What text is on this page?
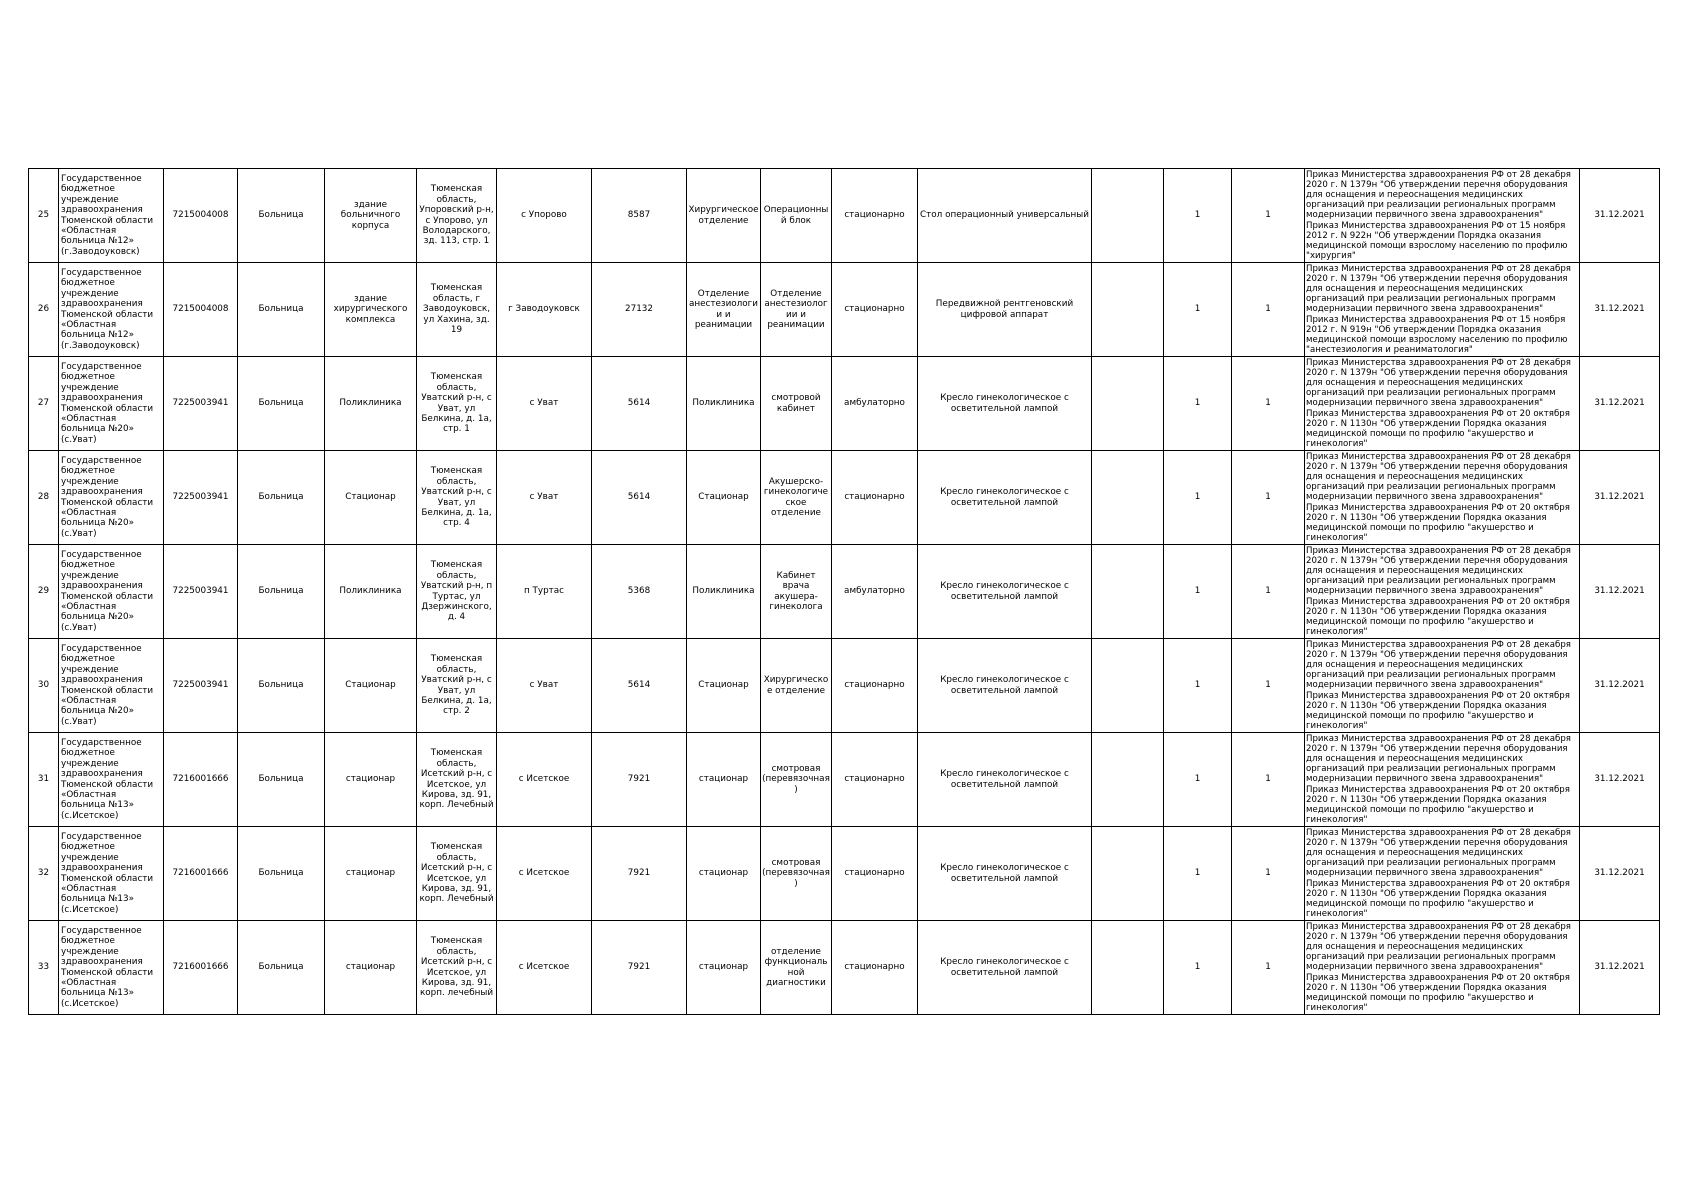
25	Государственное бюджетное учреждение здравоохранения Тюменской области «Областная больница №12» (г.Заводоуковск)	7215004008	Больница	здание больничного корпуса	Тюменская область, Упоровский р-н, с Упорово, ул Володарского, зд. 113, стр. 1	с Упорово	8587	Хирургическое отделение	Операционный блок	стационарно	Стол операционный универсальный		1	1	Приказ Министерства здравоохранения РФ от 28 декабря 2020 г. N 1379н "Об утверждении перечня оборудования для оснащения и переоснащения медицинских организаций при реализации региональных программ модернизации первичного звена здравоохранения" Приказ Министерства здравоохранения РФ от 15 ноября 2012 г. N 922н "Об утверждении Порядка оказания медицинской помощи взрослому населению по профилю "хирургия"	31.12.2021
26	Государственное бюджетное учреждение здравоохранения Тюменской области «Областная больница №12» (г.Заводоуковск)	7215004008	Больница	здание хирургического комплекса	Тюменская область, г Заводоуковск, ул Хахина, зд. 19	г Заводоуковск	27132	Отделение анестезиологии и реанимации	Отделение анестезиологии и реанимации	стационарно	Передвижной рентгеновский цифровой аппарат		1	1	Приказ Министерства здравоохранения РФ от 28 декабря 2020 г. N 1379н "Об утверждении перечня оборудования для оснащения и переоснащения медицинских организаций при реализации региональных программ модернизации первичного звена здравоохранения" Приказ Министерства здравоохранения РФ от 15 ноября 2012 г. N 919н "Об утверждении Порядка оказания медицинской помощи взрослому населению по профилю "анестезиология и реаниматология"	31.12.2021
27	Государственное бюджетное учреждение здравоохранения Тюменской области «Областная больница №20» (с.Уват)	7225003941	Больница	Поликлиника	Тюменская область, Уватский р-н, с Уват, ул Белкина, д. 1а, стр. 1	с Уват	5614	Поликлиника	смотровой кабинет	амбулаторно	Кресло гинекологическое с осветительной лампой		1	1	Приказ Министерства здравоохранения РФ от 28 декабря 2020 г. N 1379н "Об утверждении перечня оборудования для оснащения и переоснащения медицинских организаций при реализации региональных программ модернизации первичного звена здравоохранения" Приказ Министерства здравоохранения РФ от 20 октября 2020 г. N 1130н "Об утверждении Порядка оказания медицинской помощи по профилю "акушерство и гинекология"	31.12.2021
28	Государственное бюджетное учреждение здравоохранения Тюменской области «Областная больница №20» (с.Уват)	7225003941	Больница	Стационар	Тюменская область, Уватский р-н, с Уват, ул Белкина, д. 1а, стр. 4	с Уват	5614	Стационар	Акушерско-гинекологическое отделение	стационарно	Кресло гинекологическое с осветительной лампой		1	1	Приказ Министерства здравоохранения РФ от 28 декабря 2020 г. N 1379н "Об утверждении перечня оборудования для оснащения и переоснащения медицинских организаций при реализации региональных программ модернизации первичного звена здравоохранения" Приказ Министерства здравоохранения РФ от 20 октября 2020 г. N 1130н "Об утверждении Порядка оказания медицинской помощи по профилю "акушерство и гинекология"	31.12.2021
29	Государственное бюджетное учреждение здравоохранения Тюменской области «Областная больница №20» (с.Уват)	7225003941	Больница	Поликлиника	Тюменская область, Уватский р-н, п Туртас, ул Дзержинского, д. 4	п Туртас	5368	Поликлиника	Кабинет врача акушера-гинеколога	амбулаторно	Кресло гинекологическое с осветительной лампой		1	1	Приказ Министерства здравоохранения РФ от 28 декабря 2020 г. N 1379н "Об утверждении перечня оборудования для оснащения и переоснащения медицинских организаций при реализации региональных программ модернизации первичного звена здравоохранения" Приказ Министерства здравоохранения РФ от 20 октября 2020 г. N 1130н "Об утверждении Порядка оказания медицинской помощи по профилю "акушерство и гинекология"	31.12.2021
30	Государственное бюджетное учреждение здравоохранения Тюменской области «Областная больница №20» (с.Уват)	7225003941	Больница	Стационар	Тюменская область, Уватский р-н, с Уват, ул Белкина, д. 1а, стр. 2	с Уват	5614	Стационар	Хирургическое отделение	стационарно	Кресло гинекологическое с осветительной лампой		1	1	Приказ Министерства здравоохранения РФ от 28 декабря 2020 г. N 1379н "Об утверждении перечня оборудования для оснащения и переоснащения медицинских организаций при реализации региональных программ модернизации первичного звена здравоохранения" Приказ Министерства здравоохранения РФ от 20 октября 2020 г. N 1130н "Об утверждении Порядка оказания медицинской помощи по профилю "акушерство и гинекология"	31.12.2021
31	Государственное бюджетное учреждение здравоохранения Тюменской области «Областная больница №13» (с.Исетское)	7216001666	Больница	стационар	Тюменская область, Исетский р-н, с Исетское, ул Кирова, зд. 91, корп. Лечебный	с Исетское	7921	стационар	смотровая (перевязочная)	стационарно	Кресло гинекологическое с осветительной лампой		1	1	Приказ Министерства здравоохранения РФ от 28 декабря 2020 г. N 1379н "Об утверждении перечня оборудования для оснащения и переоснащения медицинских организаций при реализации региональных программ модернизации первичного звена здравоохранения" Приказ Министерства здравоохранения РФ от 20 октября 2020 г. N 1130н "Об утверждении Порядка оказания медицинской помощи по профилю "акушерство и гинекология"	31.12.2021
32	Государственное бюджетное учреждение здравоохранения Тюменской области «Областная больница №13» (с.Исетское)	7216001666	Больница	стационар	Тюменская область, Исетский р-н, с Исетское, ул Кирова, зд. 91, корп. Лечебный	с Исетское	7921	стационар	смотровая (перевязочная)	стационарно	Кресло гинекологическое с осветительной лампой		1	1	Приказ Министерства здравоохранения РФ от 28 декабря 2020 г. N 1379н "Об утверждении перечня оборудования для оснащения и переоснащения медицинских организаций при реализации региональных программ модернизации первичного звена здравоохранения" Приказ Министерства здравоохранения РФ от 20 октября 2020 г. N 1130н "Об утверждении Порядка оказания медицинской помощи по профилю "акушерство и гинекология"	31.12.2021
33	Государственное бюджетное учреждение здравоохранения Тюменской области «Областная больница №13» (с.Исетское)	7216001666	Больница	стационар	Тюменская область, Исетский р-н, с Исетское, ул Кирова, зд. 91, корп. лечебный	с Исетское	7921	стационар	отделение функциональной диагностики	стационарно	Кресло гинекологическое с осветительной лампой		1	1	Приказ Министерства здравоохранения РФ от 28 декабря 2020 г. N 1379н "Об утверждении перечня оборудования для оснащения и переоснащения медицинских организаций при реализации региональных программ модернизации первичного звена здравоохранения" Приказ Министерства здравоохранения РФ от 20 октября 2020 г. N 1130н "Об утверждении Порядка оказания медицинской помощи по профилю "акушерство и гинекология"	31.12.2021
